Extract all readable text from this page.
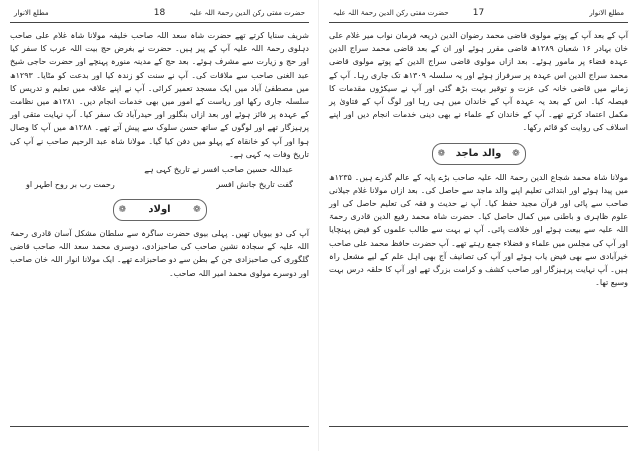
حضرت مفتی رکن الدین رحمۃ اللہ علیہ
18
مطلع الانوار

شریف سنایا کرتے تھے حضرت شاہ سعد اللہ صاحب خلیفہ مولانا شاہ غلام علی صاحب دہلوی رحمۃ اللہ علیہ آپ کے پیر ہیں۔ حضرت نے بغرض حج بیت اللہ عرب کا سفر کیا اور حج و زیارت سے مشرف ہوئے۔ بعد حج کے مدینہ منورہ پہنچے اور حضرت حاجی شیخ عبد الغنی صاحب سے ملاقات کی۔ آپ نے سنت کو زندہ کیا اور بدعت کو مٹایا۔ ۱۲۹۳ھ میں مصطفیٰ آباد میں ایک مسجد تعمیر کرائی۔ آپ نے اپنے علاقہ میں تعلیم و تدریس کا سلسلہ جاری رکھا اور ریاست کے امور میں بھی خدمات انجام دیں۔ ۱۲۸۱ھ میں نظامت کے عہدہ پر فائز ہوئے اور بعد ازاں بنگلور اور حیدرآباد تک سفر کیا۔ آپ نہایت متقی اور پرہیزگار تھے اور لوگوں کے ساتھ حسن سلوک سے پیش آتے تھے۔ ۱۲۸۸ھ میں آپ کا وصال ہوا اور آپ کو خانقاہ کے پہلو میں دفن کیا گیا۔ مولانا شاہ عبد الرحیم صاحب نے آپ کی تاریخ وفات یہ کہی ہے۔

عبداللہ حسین صاحب افسر نے تاریخ کہی ہے
گفت تاریخ جانش افسر
رحمت رب بر روح اطہر او
❁
اولاد
❁

آپ کی دو بیویاں تھیں۔ پہلی بیوی حضرت ساگرہ سے سلطان مشکل آسان قادری رحمۃ اللہ علیہ کے سجادہ نشین صاحب کی صاحبزادی، دوسری محمد سعد اللہ صاحب قاضی گلگوری کی صاحبزادی جن کے بطن سے دو صاحبزادے تھے۔ ایک مولانا انوار اللہ خان صاحب اور دوسرے مولوی محمد امیر اللہ صاحب۔

مطلع الانوار
17
حضرت مفتی رکن الدین رحمۃ اللہ علیہ

آپ کے بعد آپ کے پوتے مولوی قاضی محمد رضوان الدین ذریعہ فرمان نواب میر غلام علی خان بہادر ۱۶ شعبان ۱۲۸۹ھ قاضی مقرر ہوئے اور ان کے بعد قاضی محمد سراج الدین عہدہ قضاء پر مامور ہوئے۔ بعد ازاں مولوی قاضی سراج الدین کے پوتے مولوی قاضی محمد سراج الدین اس عہدہ پر سرفراز ہوئے اور یہ سلسلہ ۱۳۰۹ھ تک جاری رہا۔ آپ کے زمانے میں قاضی خانہ کی عزت و توقیر بہت بڑھ گئی اور آپ نے سیکڑوں مقدمات کا فیصلہ کیا۔ اس کے بعد یہ عہدہ آپ کے خاندان میں ہی رہا اور لوگ آپ کے فتاویٰ پر مکمل اعتماد کرتے تھے۔ آپ کے خاندان کے علماء نے بھی دینی خدمات انجام دیں اور اپنے اسلاف کی روایت کو قائم رکھا۔

❁
والد ماجد
❁

مولانا شاہ محمد شجاع الدین رحمۃ اللہ علیہ صاحب بڑے پایہ کے عالم گذرے ہیں۔ ۱۲۳۵ھ میں پیدا ہوئے اور ابتدائی تعلیم اپنے والد ماجد سے حاصل کی۔ بعد ازاں مولانا غلام جیلانی صاحب سے پائی اور قرآن مجید حفظ کیا۔ آپ نے حدیث و فقہ کی تعلیم حاصل کی اور علوم ظاہری و باطنی میں کمال حاصل کیا۔ حضرت شاہ محمد رفیع الدین قادری رحمۃ اللہ علیہ سے بیعت ہوئے اور خلافت پائی۔ آپ نے بہت سے طالب علموں کو فیض پہنچایا اور آپ کی مجلس میں علماء و فضلاء جمع رہتے تھے۔ آپ حضرت حافظ محمد علی صاحب خیرآبادی سے بھی فیض یاب ہوئے اور آپ کی تصانیف آج بھی اہل علم کے لیے مشعل راہ ہیں۔ آپ نہایت پرہیزگار اور صاحب کشف و کرامت بزرگ تھے اور آپ کا حلقہ درس بہت وسیع تھا۔
